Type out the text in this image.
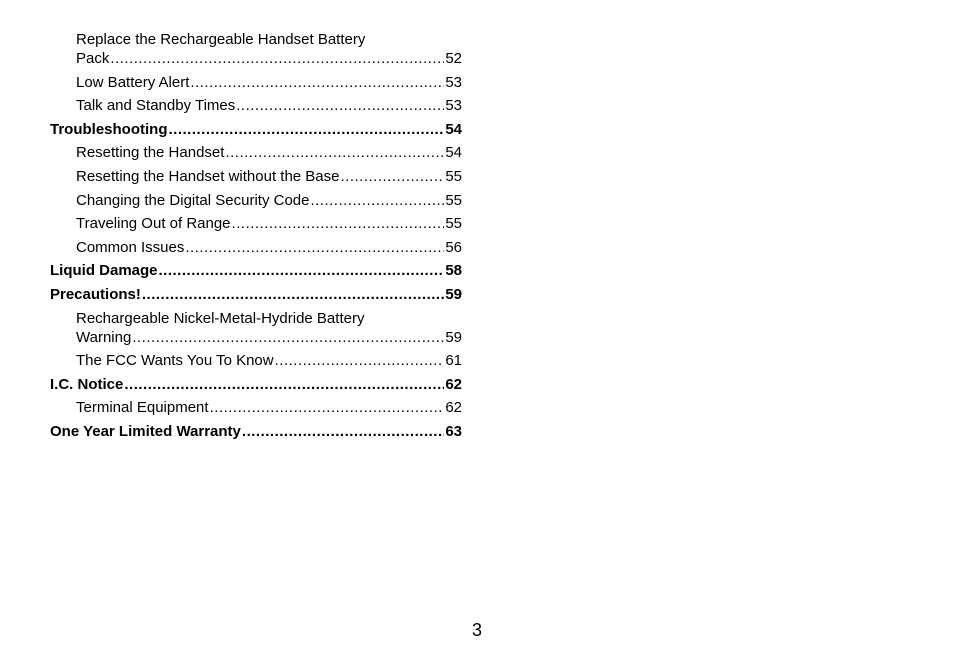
Replace the Rechargeable Handset Battery
Pack .....	52
Low Battery Alert .....	53
Talk and Standby Times .....	53
Troubleshooting .....	54
Resetting the Handset .....	54
Resetting the Handset without the Base .....	55
Changing the Digital Security Code .....	55
Traveling Out of Range .....	55
Common Issues .....	56
Liquid Damage .....	58
Precautions! .....	59
Rechargeable Nickel-Metal-Hydride Battery
Warning .....	59
The FCC Wants You To Know .....	61
I.C. Notice .....	62
Terminal Equipment .....	62
One Year Limited Warranty .....	63
3
